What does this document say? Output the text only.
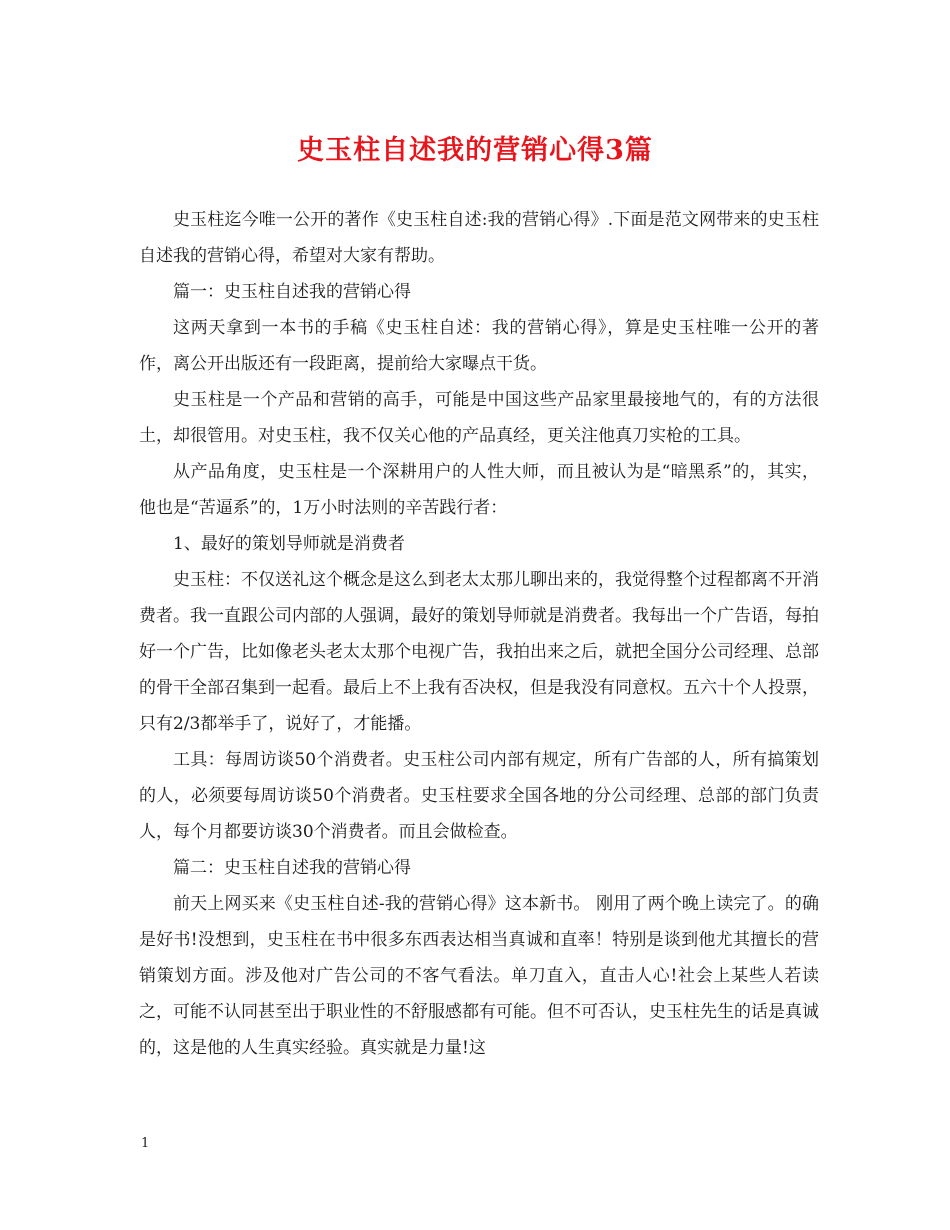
史玉柱自述我的营销心得3篇

史玉柱迄今唯一公开的著作《史玉柱自述:我的营销心得》.下面是范文网带来的史玉柱自述我的营销心得，希望对大家有帮助。

篇一：史玉柱自述我的营销心得

这两天拿到一本书的手稿《史玉柱自述：我的营销心得》，算是史玉柱唯一公开的著作，离公开出版还有一段距离，提前给大家曝点干货。

史玉柱是一个产品和营销的高手，可能是中国这些产品家里最接地气的，有的方法很土，却很管用。对史玉柱，我不仅关心他的产品真经，更关注他真刀实枪的工具。

从产品角度，史玉柱是一个深耕用户的人性大师，而且被认为是“暗黑系”的，其实，他也是“苦逼系”的，1万小时法则的辛苦践行者：

1、最好的策划导师就是消费者

史玉柱：不仅送礼这个概念是这么到老太太那儿聊出来的，我觉得整个过程都离不开消费者。我一直跟公司内部的人强调，最好的策划导师就是消费者。我每出一个广告语，每拍好一个广告，比如像老头老太太那个电视广告，我拍出来之后，就把全国分公司经理、总部的骨干全部召集到一起看。最后上不上我有否决权，但是我没有同意权。五六十个人投票，只有2/3都举手了，说好了，才能播。

工具：每周访谈50个消费者。史玉柱公司内部有规定，所有广告部的人，所有搞策划的人，必须要每周访谈50个消费者。史玉柱要求全国各地的分公司经理、总部的部门负责人，每个月都要访谈30个消费者。而且会做检查。

篇二：史玉柱自述我的营销心得

前天上网买来《史玉柱自述-我的营销心得》这本新书。 刚用了两个晚上读完了。的确是好书!没想到，史玉柱在书中很多东西表达相当真诚和直率！特别是谈到他尤其擅长的营销策划方面。涉及他对广告公司的不客气看法。单刀直入，直击人心!社会上某些人若读之，可能不认同甚至出于职业性的不舒服感都有可能。但不可否认，史玉柱先生的话是真诚的，这是他的人生真实经验。真实就是力量!这

1
